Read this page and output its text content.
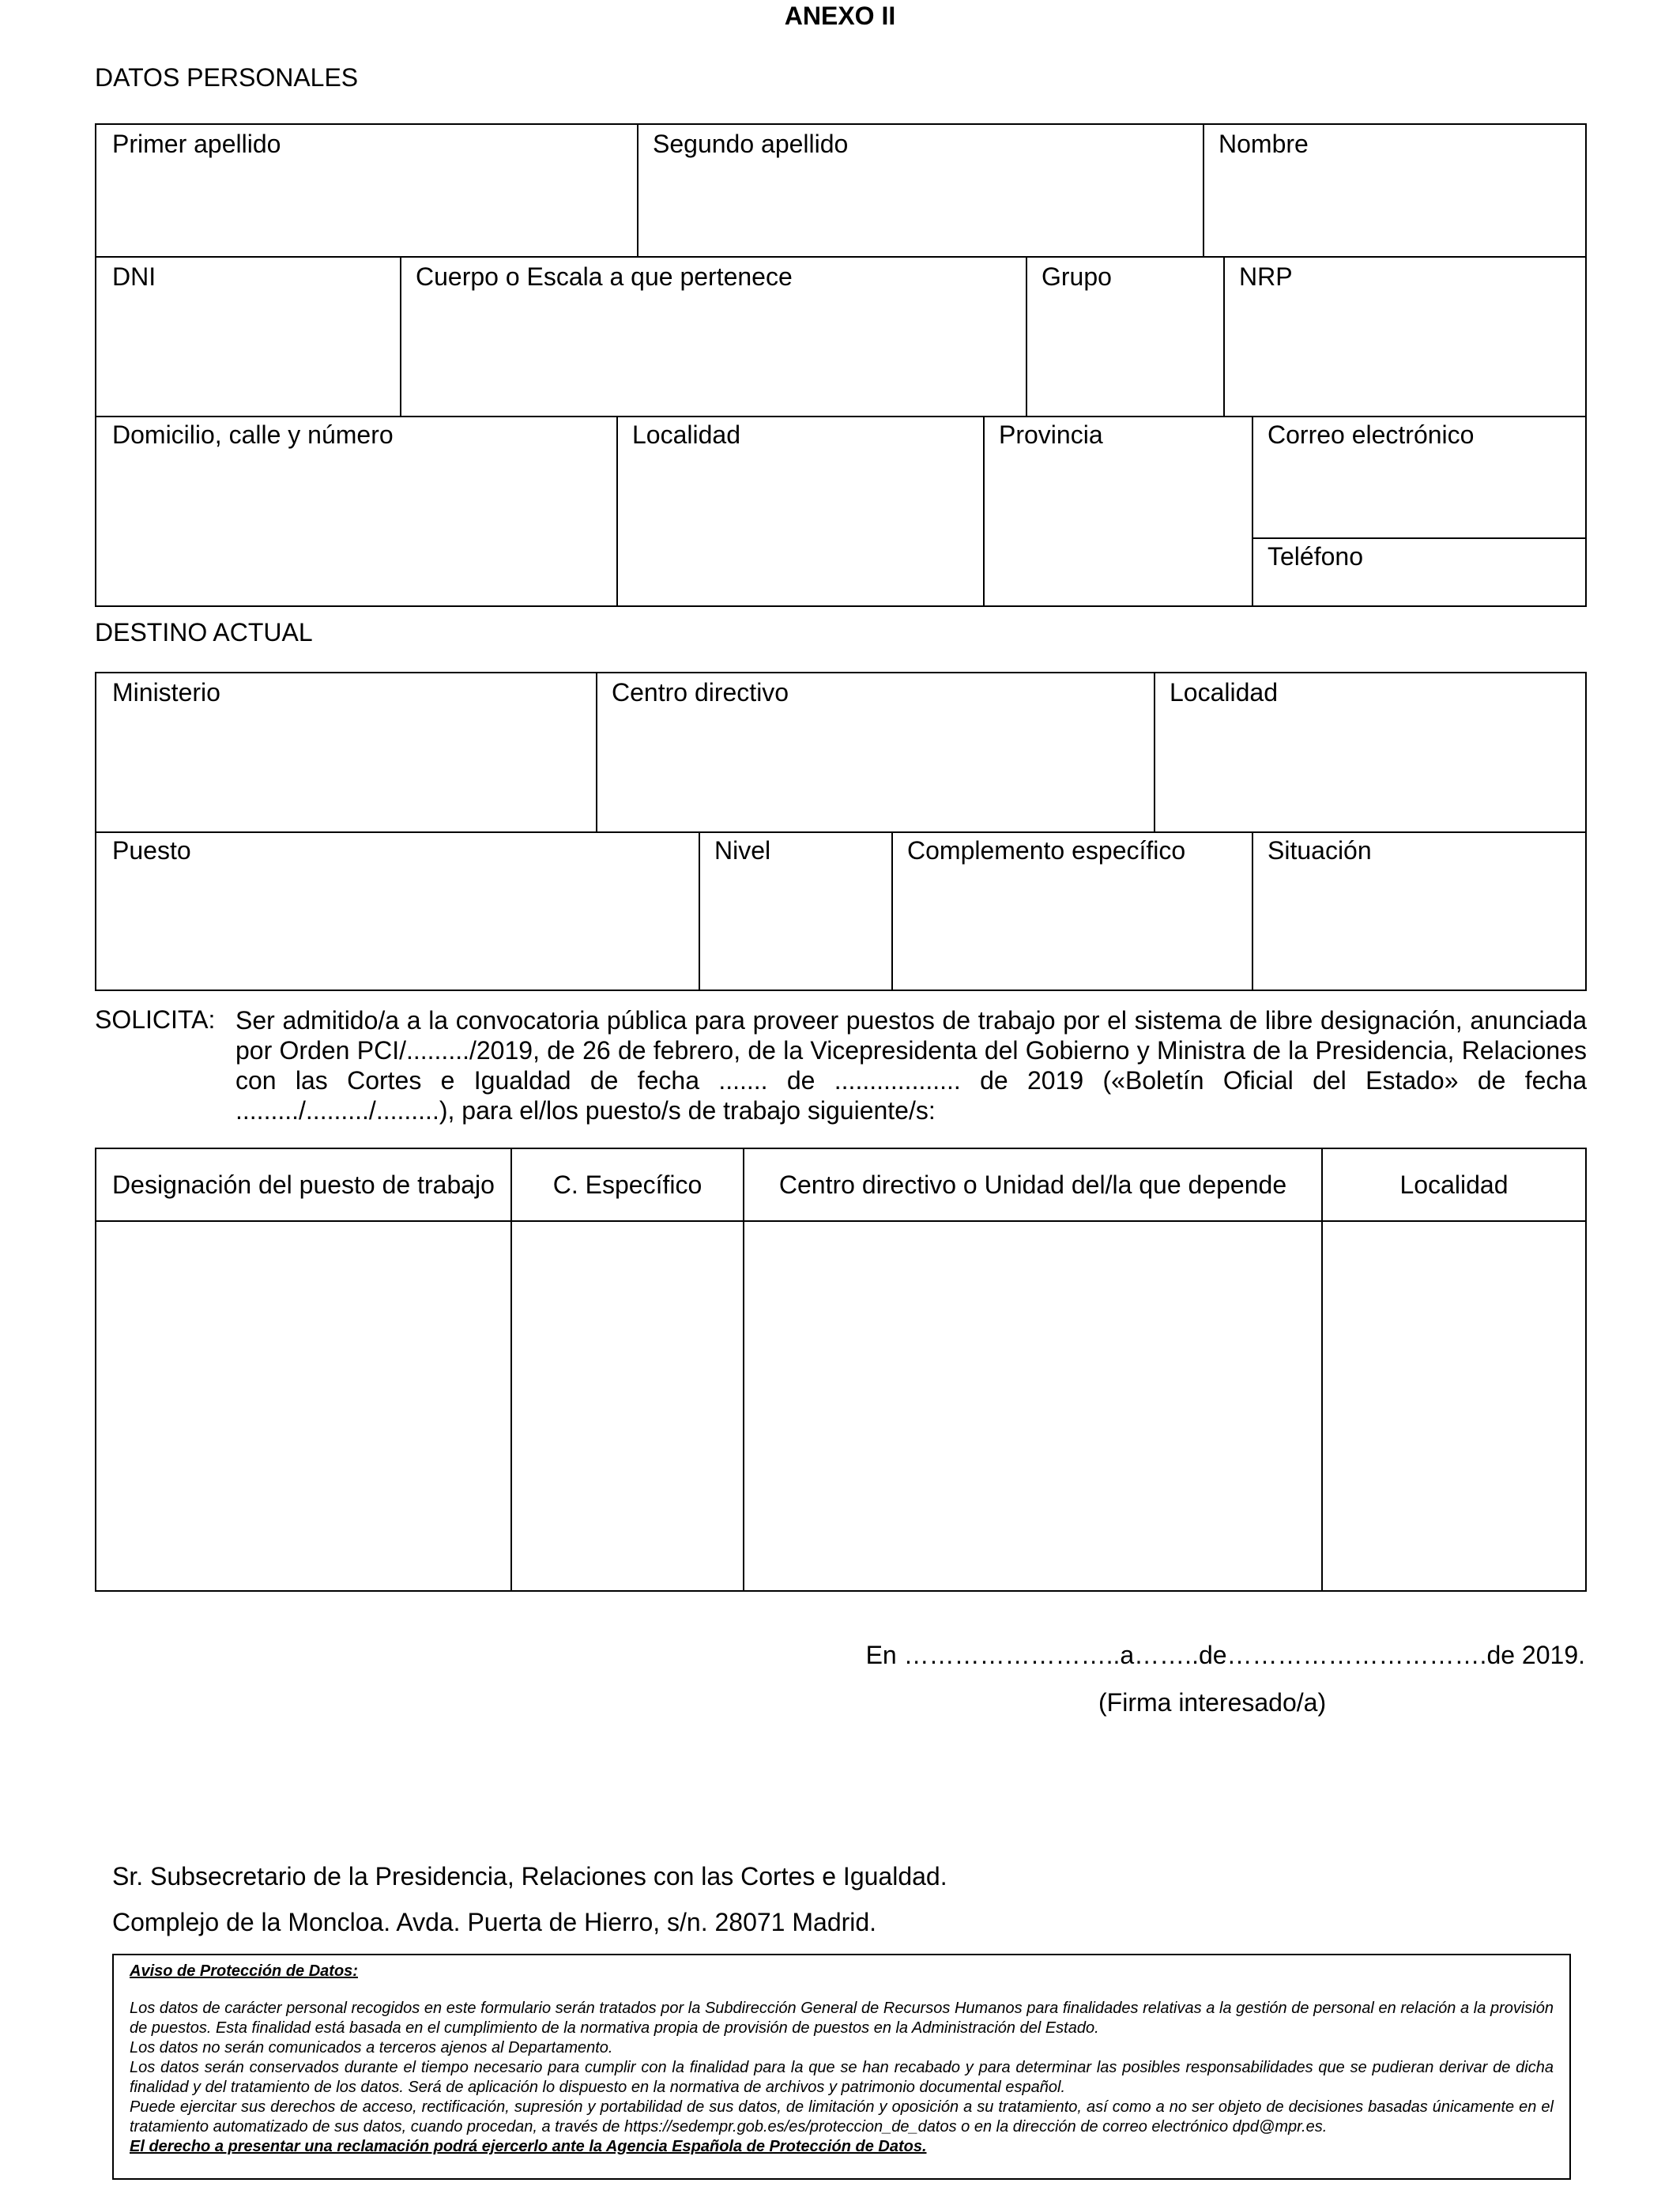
ANEXO II
DATOS PERSONALES
Primer apellido	Segundo apellido	Nombre
DNI	Cuerpo o Escala a que pertenece	Grupo	NRP
Domicilio, calle y número	Localidad	Provincia	Correo electrónico
Teléfono
DESTINO ACTUAL
Ministerio	Centro directivo	Localidad
Puesto	Nivel	Complemento específico	Situación
SOLICITA: Ser admitido/a a la convocatoria pública para proveer puestos de trabajo por el sistema de libre designación, anunciada por Orden PCI/........./2019, de 26 de febrero, de la Vicepresidenta del Gobierno y Ministra de la Presidencia, Relaciones con las Cortes e Igualdad de fecha ....... de .................. de 2019 («Boletín Oficial del Estado» de fecha ........./........./.........), para el/los puesto/s de trabajo siguiente/s:
Designación del puesto de trabajo	C. Específico	Centro directivo o Unidad del/la que depende	Localidad
En ……………………..a……..de………………………….de 2019.
(Firma interesado/a)
Sr. Subsecretario de la Presidencia, Relaciones con las Cortes e Igualdad.
Complejo de la Moncloa. Avda. Puerta de Hierro, s/n. 28071 Madrid.

Aviso de Protección de Datos:

Los datos de carácter personal recogidos en este formulario serán tratados por la Subdirección General de Recursos Humanos para finalidades relativas a la gestión de personal en relación a la provisión de puestos. Esta finalidad está basada en el cumplimiento de la normativa propia de provisión de puestos en la Administración del Estado.

Los datos no serán comunicados a terceros ajenos al Departamento.

Los datos serán conservados durante el tiempo necesario para cumplir con la finalidad para la que se han recabado y para determinar las posibles responsabilidades que se pudieran derivar de dicha finalidad y del tratamiento de los datos. Será de aplicación lo dispuesto en la normativa de archivos y patrimonio documental español.

Puede ejercitar sus derechos de acceso, rectificación, supresión y portabilidad de sus datos, de limitación y oposición a su tratamiento, así como a no ser objeto de decisiones basadas únicamente en el tratamiento automatizado de sus datos, cuando procedan, a través de https://sedempr.gob.es/es/proteccion_de_datos o en la dirección de correo electrónico dpd@mpr.es.

El derecho a presentar una reclamación podrá ejercerlo ante la Agencia Española de Protección de Datos.
